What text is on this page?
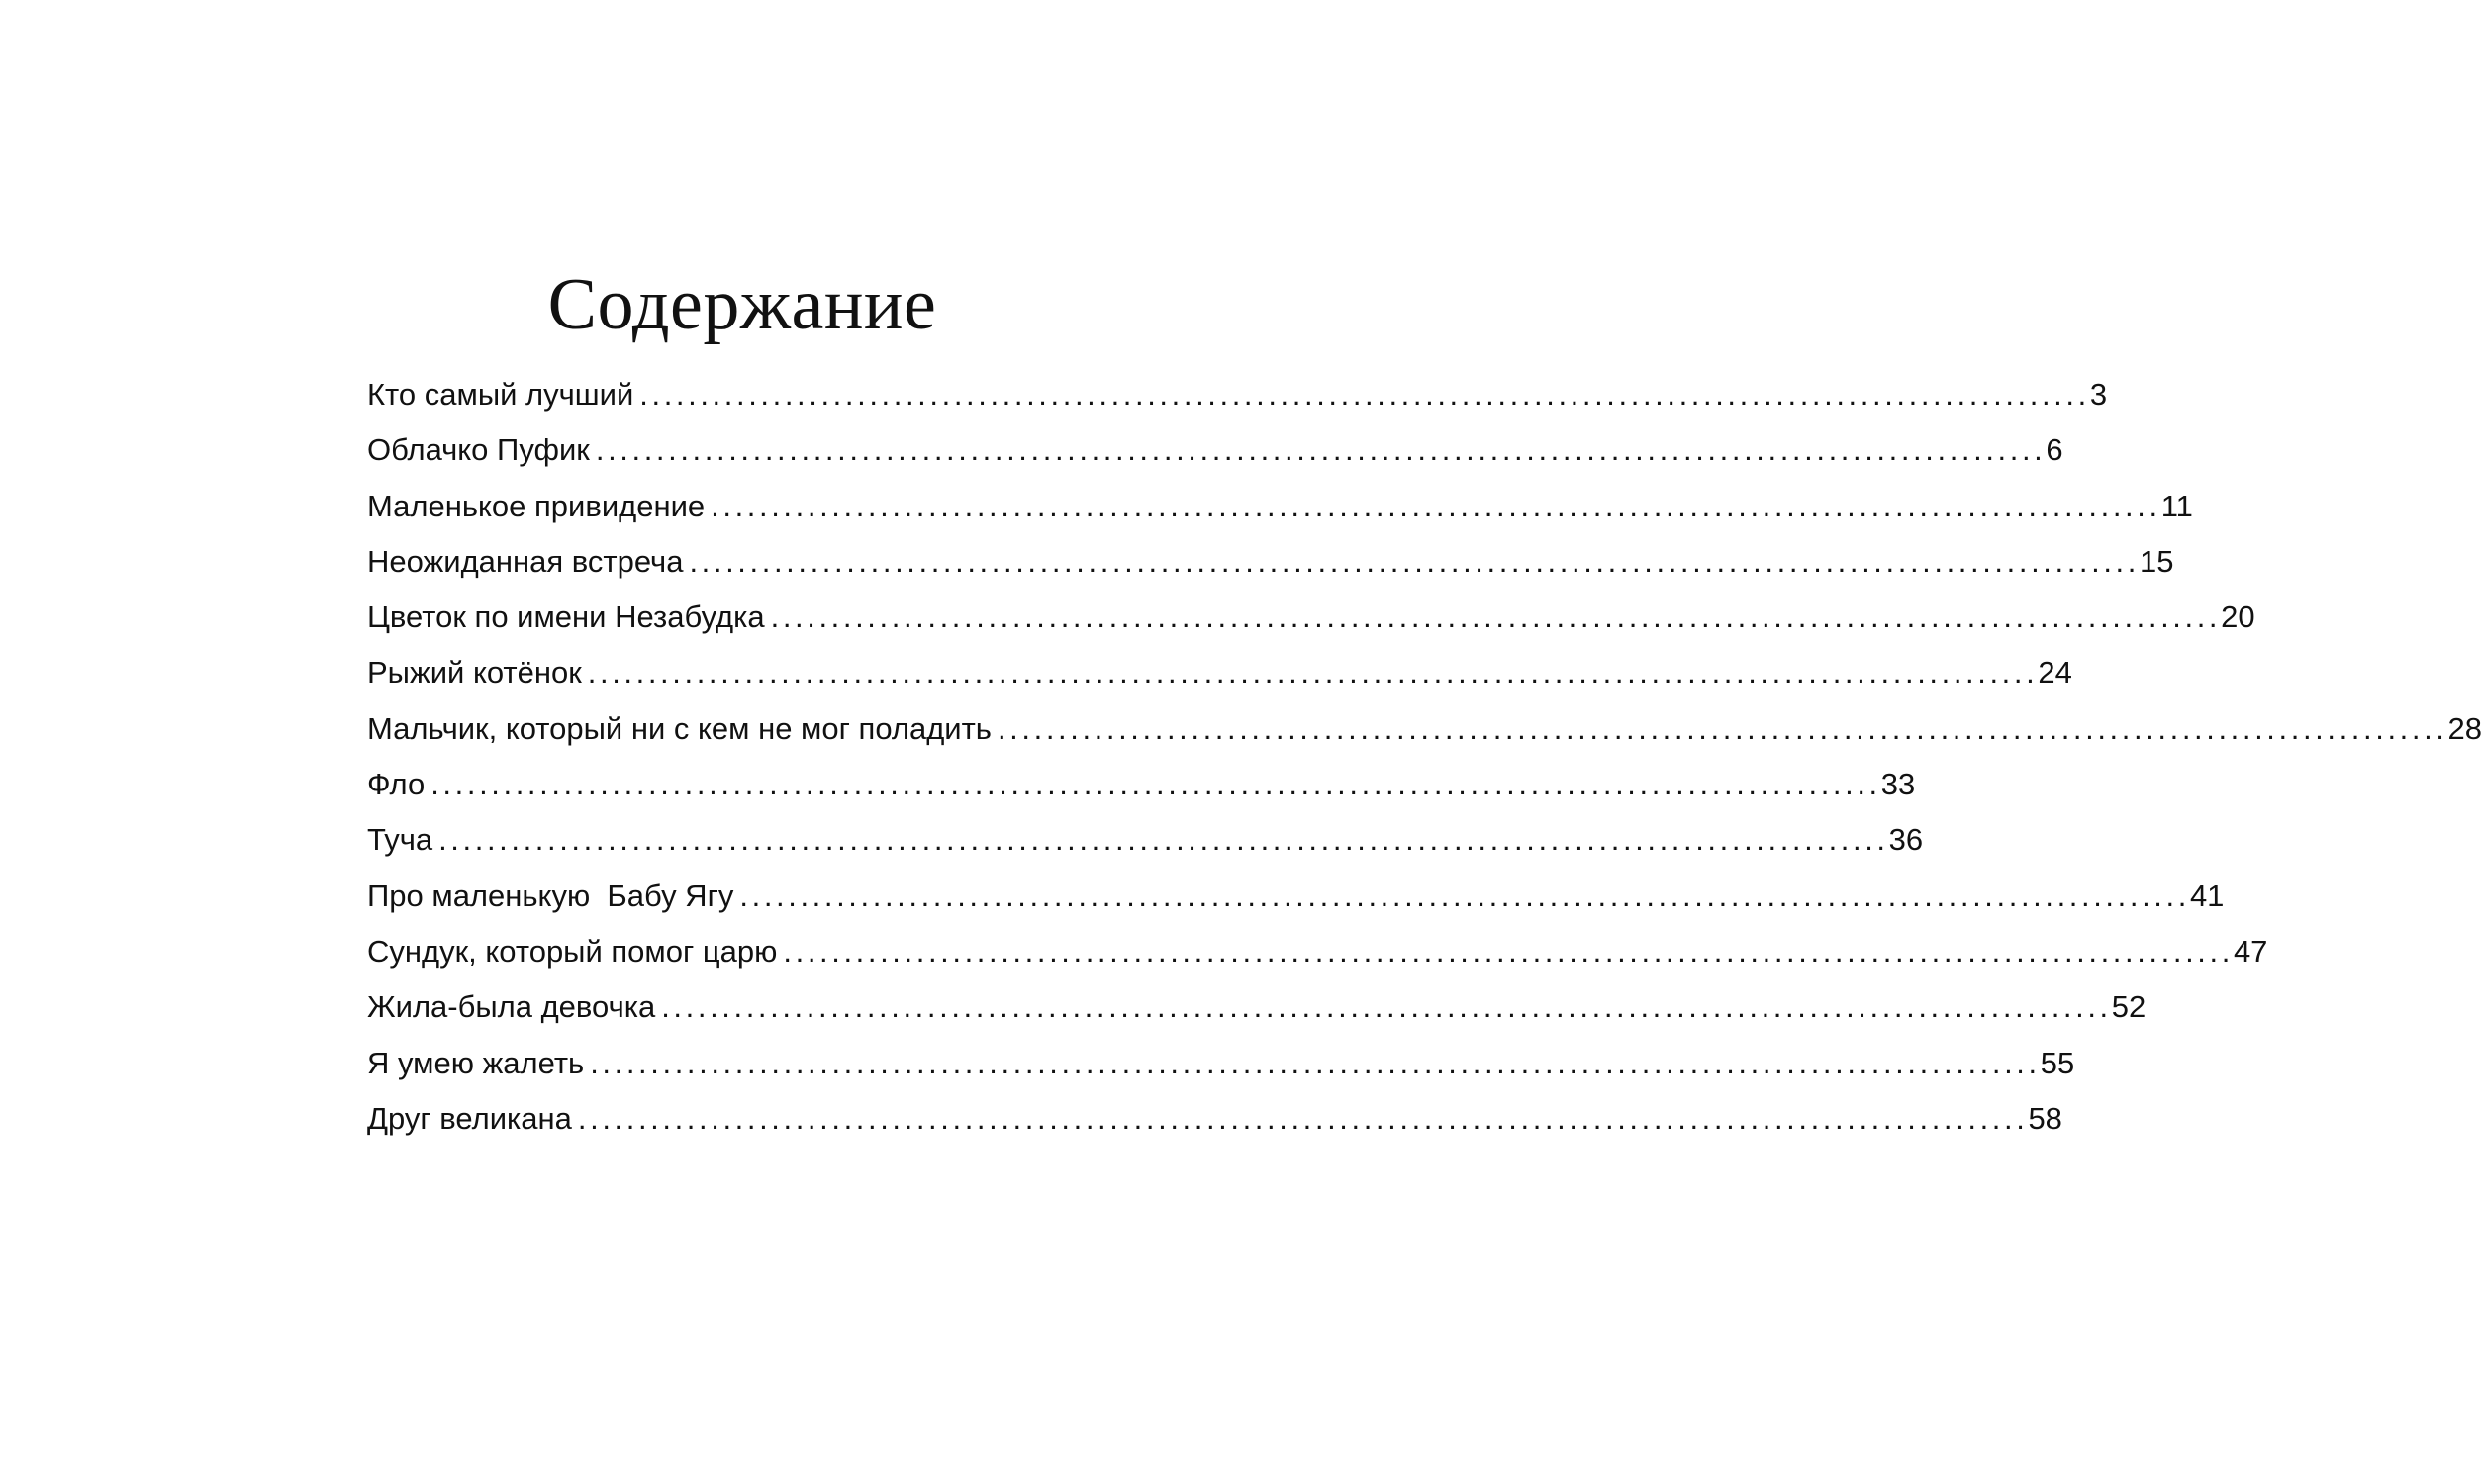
Содержание
Кто самый лучший ........................................................................................................................ 3
Облачко Пуфик ........................................................................................................................ 6
Маленькое привидение ........................................................................................................................ 11
Неожиданная встреча ........................................................................................................................ 15
Цветок по имени Незабудка ........................................................................................................................ 20
Рыжий котёнок ........................................................................................................................ 24
Мальчик, который ни с кем не мог поладить ........................................................................................................................ 28
Фло ........................................................................................................................ 33
Туча ........................................................................................................................ 36
Про маленькую  Бабу Ягу ........................................................................................................................ 41
Сундук, который помог царю ........................................................................................................................ 47
Жила-была девочка ........................................................................................................................ 52
Я умею жалеть ........................................................................................................................ 55
Друг великана ........................................................................................................................ 58
